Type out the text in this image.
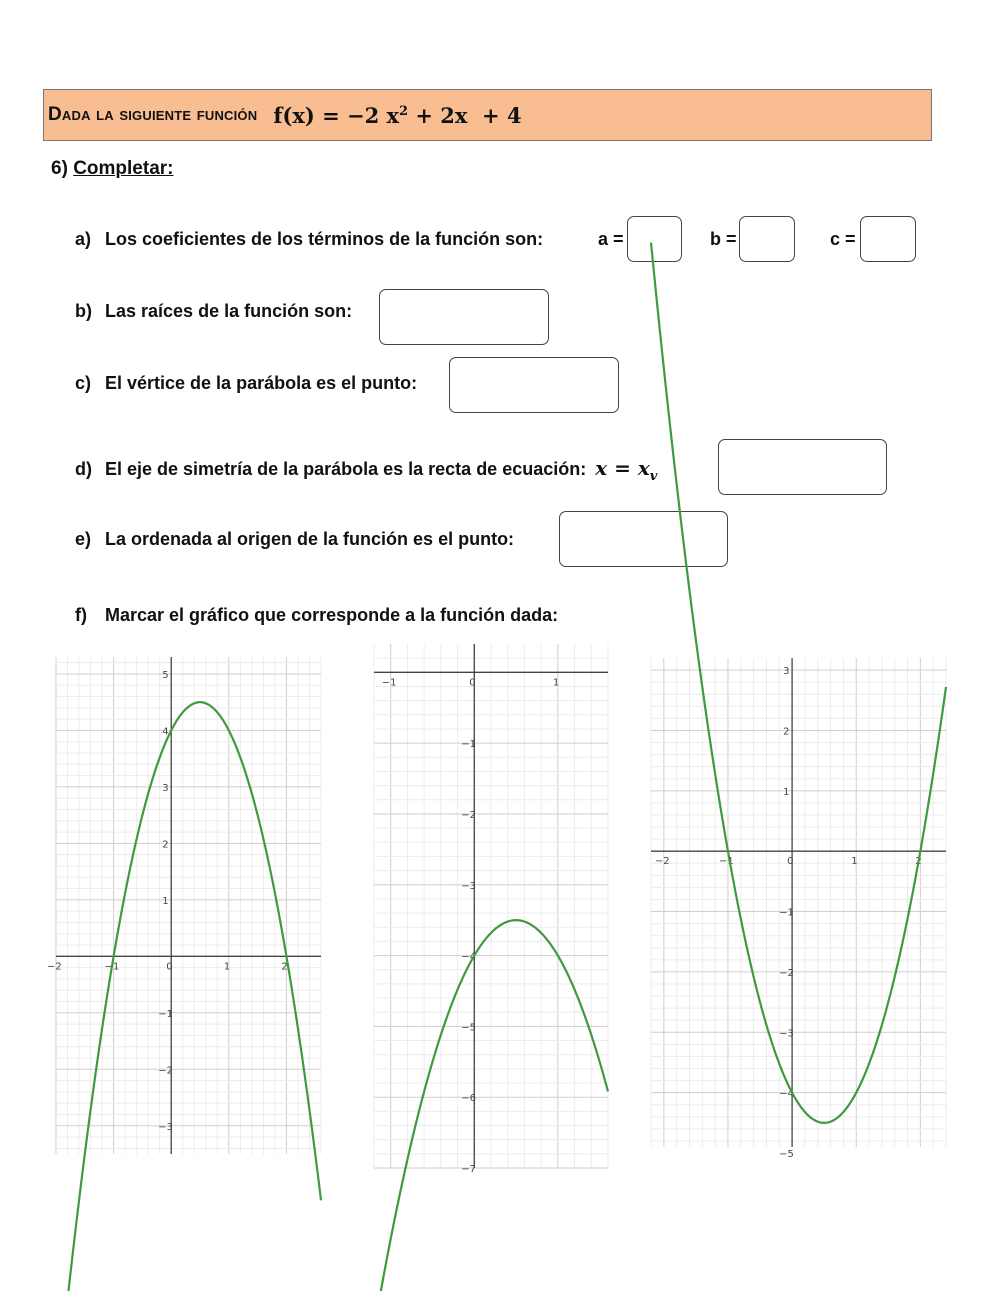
Dada la siguiente función f(x) = −2 $x^2 + 2x + 4$
6) Completar:
a) Los coeficientes de los términos de la función son:	a =	b =	c =
b) Las raíces de la función son:
c) El vértice de la parábola es el punto:
d) El eje de simetría de la parábola es la recta de ecuación: $x = x_v$
e) La ordenada al origen de la función es el punto:
f) Marcar el gráfico que corresponde a la función dada:
−2	−1	0	1	2
−3
−2
−1
1
2
3
4
5
−1	0	1
−1
−2
−3
−4
−5
−6
−7
−2	−1	0	1	2
3
2
1
−1
−2
−3
−4
−5
